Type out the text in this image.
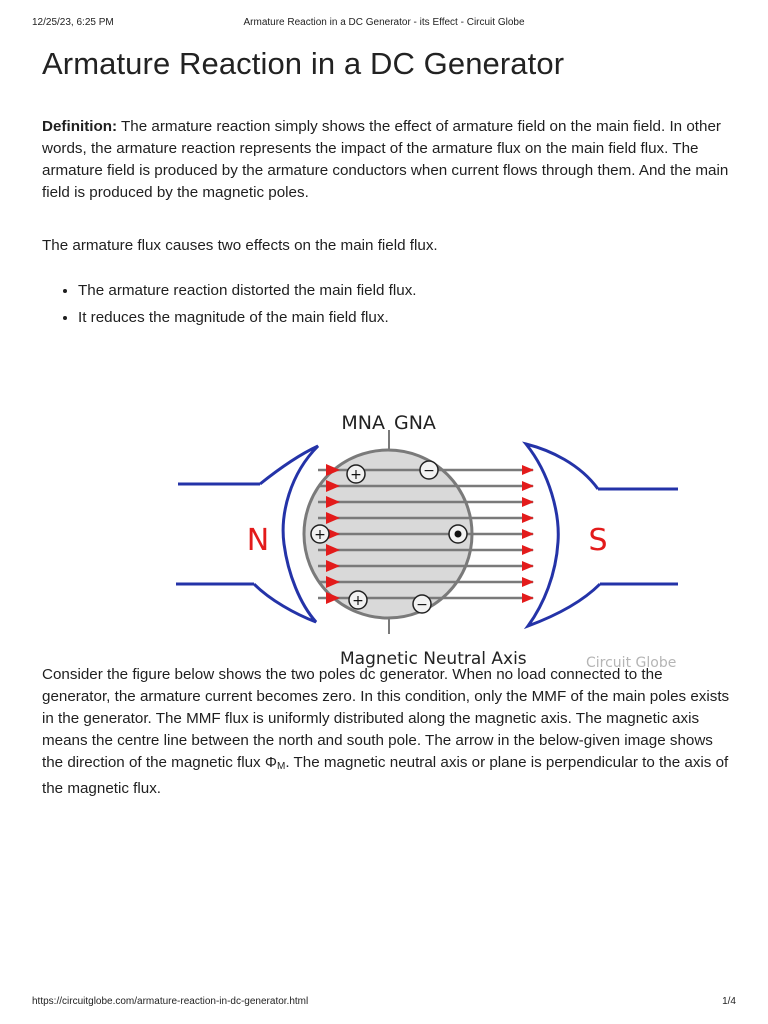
12/25/23, 6:25 PM	Armature Reaction in a DC Generator - its Effect - Circuit Globe
Armature Reaction in a DC Generator

Definition: The armature reaction simply shows the effect of armature field on the main field. In other words, the armature reaction represents the impact of the armature flux on the main field flux. The armature field is produced by the armature conductors when current flows through them. And the main field is produced by the magnetic poles.

The armature flux causes two effects on the main field flux.

• The armature reaction distorted the main field flux.
• It reduces the magnitude of the main field flux.
MNA GNA
N	S
+	−
+
+	−
Magnetic Neutral Axis	Circuit Globe

Consider the figure below shows the two poles dc generator. When no load connected to the generator, the armature current becomes zero. In this condition, only the MMF of the main poles exists in the generator. The MMF flux is uniformly distributed along the magnetic axis. The magnetic axis means the centre line between the north and south pole. The arrow in the below-given image shows the direction of the magnetic flux $\Phi_M$. The magnetic neutral axis or plane is perpendicular to the axis of the magnetic flux.

https://circuitglobe.com/armature-reaction-in-dc-generator.html	1/4
